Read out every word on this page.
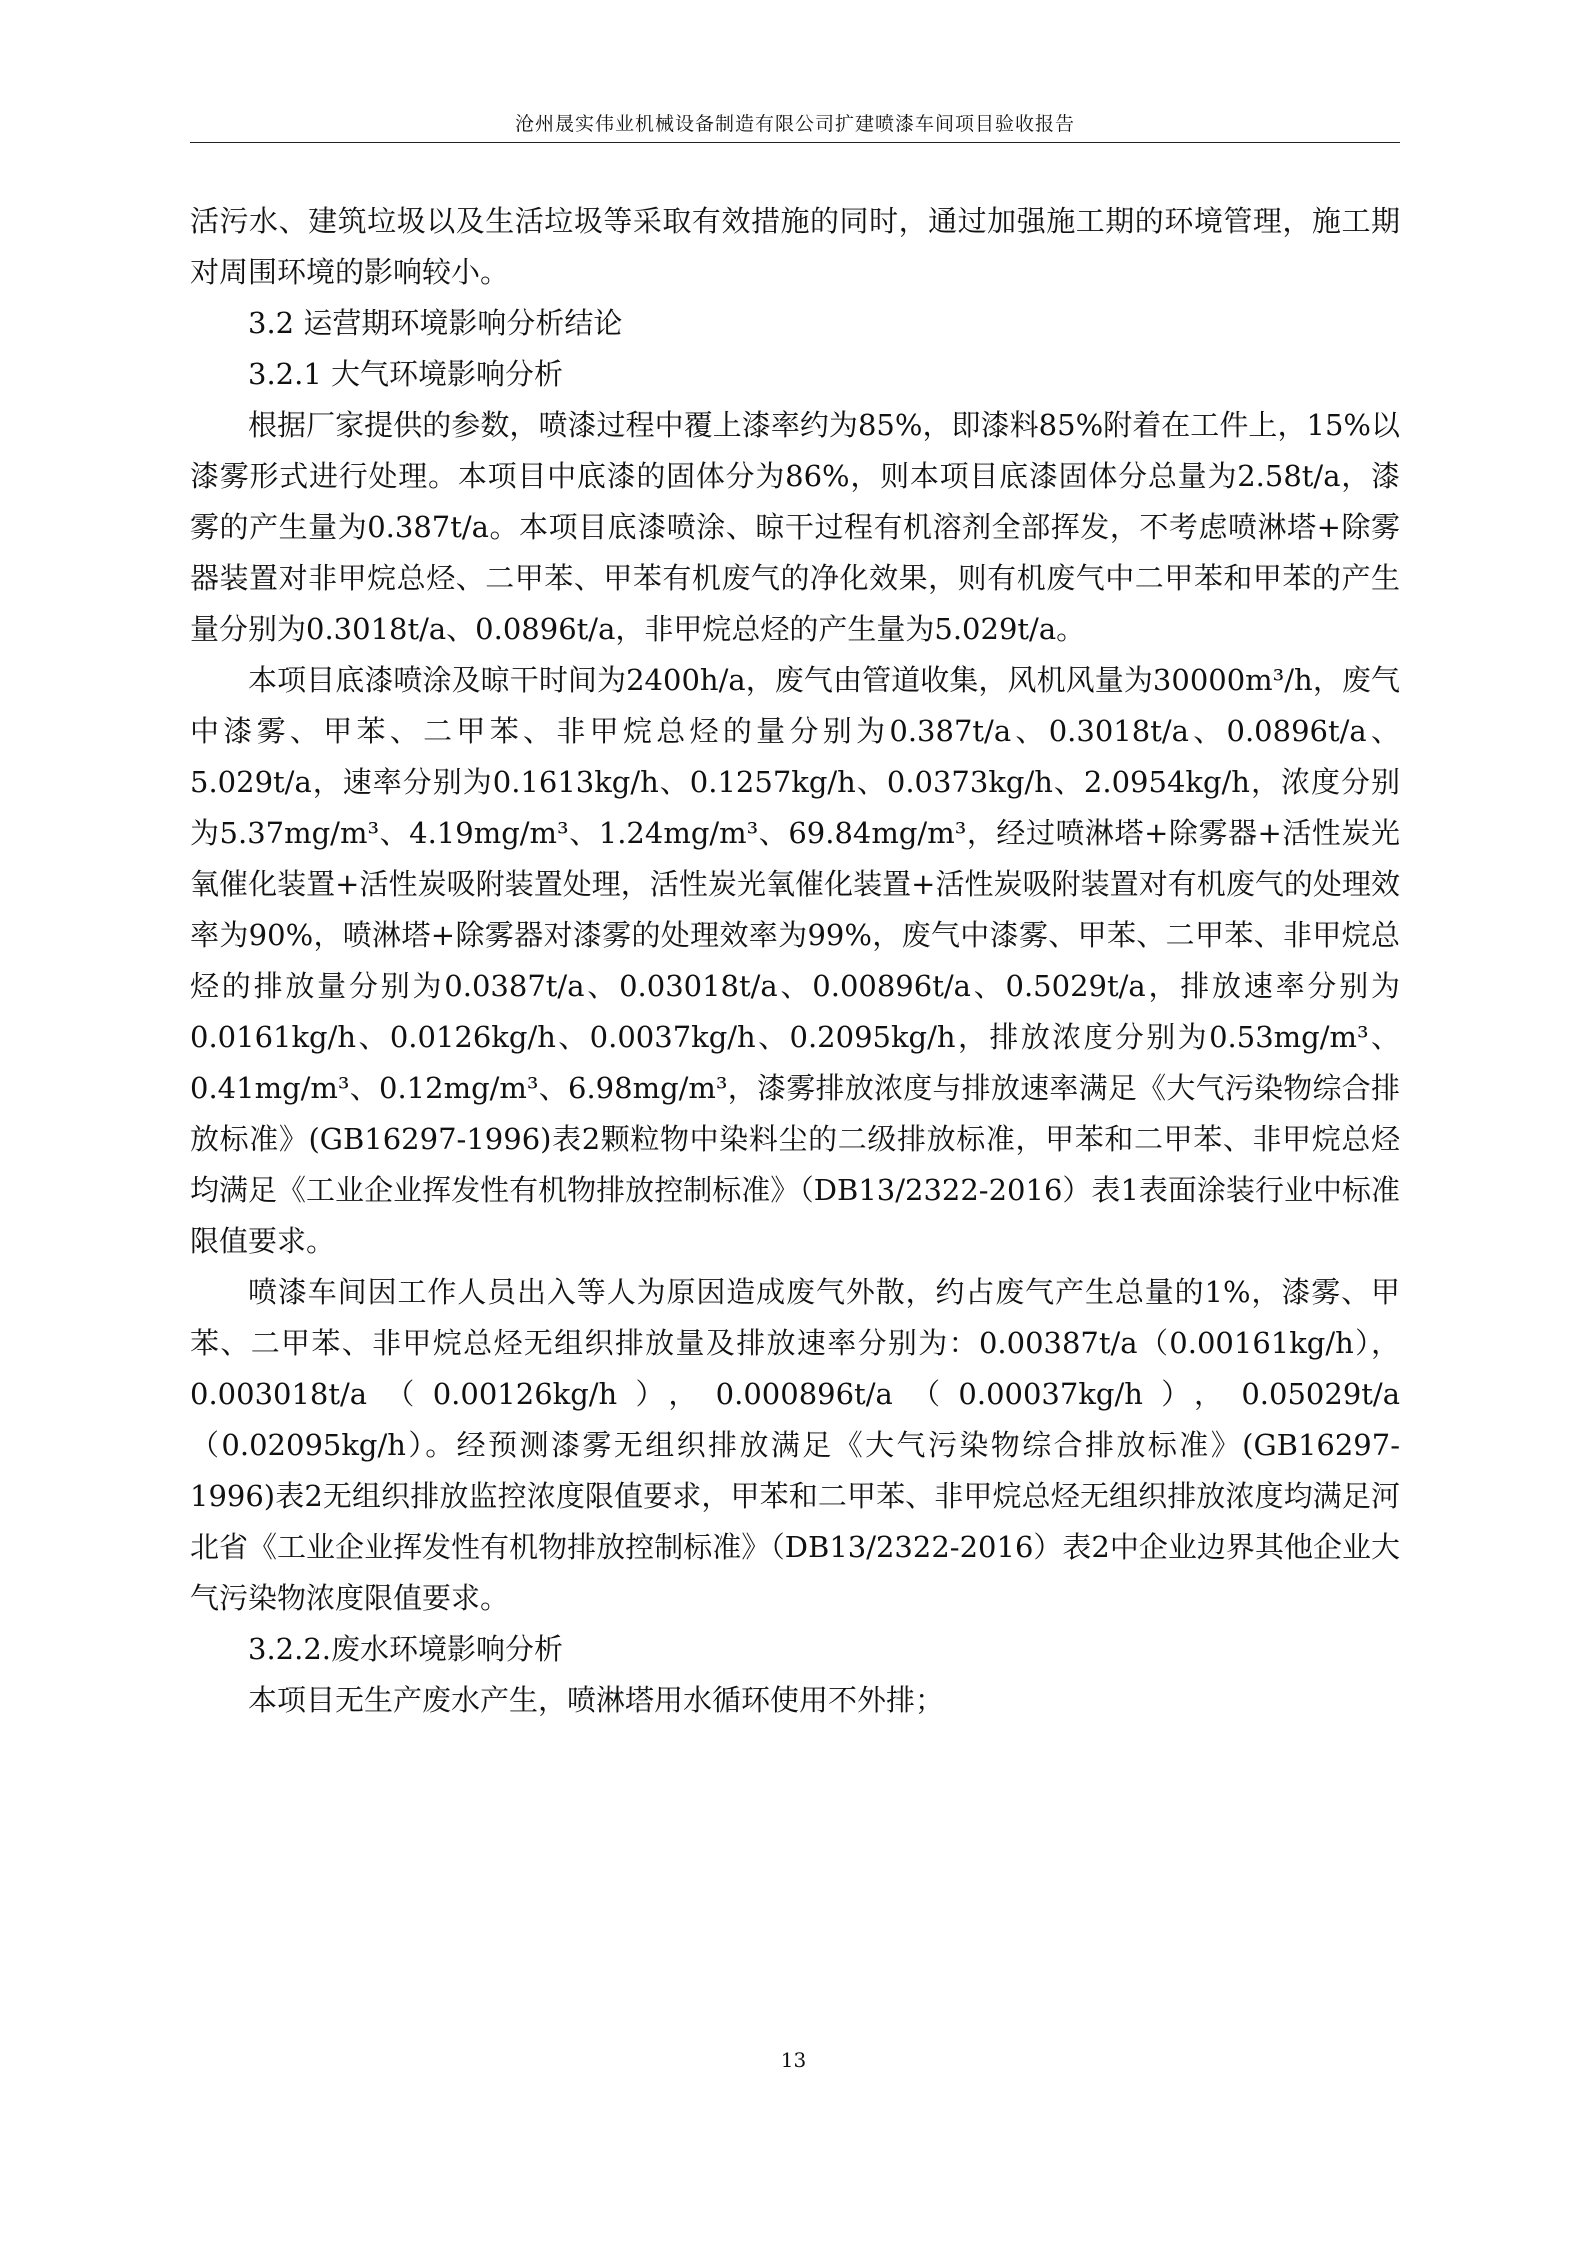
沧州晟实伟业机械设备制造有限公司扩建喷漆车间项目验收报告

活污水、建筑垃圾以及生活垃圾等采取有效措施的同时，通过加强施工期的环境管理，施工期对周围环境的影响较小。

3.2 运营期环境影响分析结论

3.2.1 大气环境影响分析

根据厂家提供的参数，喷漆过程中覆上漆率约为85%，即漆料85%附着在工件上，15%以漆雾形式进行处理。本项目中底漆的固体分为86%，则本项目底漆固体分总量为2.58t/a，漆雾的产生量为0.387t/a。本项目底漆喷涂、晾干过程有机溶剂全部挥发，不考虑喷淋塔+除雾器装置对非甲烷总烃、二甲苯、甲苯有机废气的净化效果，则有机废气中二甲苯和甲苯的产生量分别为0.3018t/a、0.0896t/a，非甲烷总烃的产生量为5.029t/a。

本项目底漆喷涂及晾干时间为2400h/a，废气由管道收集，风机风量为30000m³/h，废气中漆雾、甲苯、二甲苯、非甲烷总烃的量分别为0.387t/a、0.3018t/a、0.0896t/a、5.029t/a，速率分别为0.1613kg/h、0.1257kg/h、0.0373kg/h、2.0954kg/h，浓度分别为5.37mg/m³、4.19mg/m³、1.24mg/m³、69.84mg/m³，经过喷淋塔+除雾器+活性炭光氧催化装置+活性炭吸附装置处理，活性炭光氧催化装置+活性炭吸附装置对有机废气的处理效率为90%，喷淋塔+除雾器对漆雾的处理效率为99%，废气中漆雾、甲苯、二甲苯、非甲烷总烃的排放量分别为0.0387t/a、0.03018t/a、0.00896t/a、0.5029t/a，排放速率分别为0.0161kg/h、0.0126kg/h、0.0037kg/h、0.2095kg/h，排放浓度分别为0.53mg/m³、0.41mg/m³、0.12mg/m³、6.98mg/m³，漆雾排放浓度与排放速率满足《大气污染物综合排放标准》(GB16297-1996)表2颗粒物中染料尘的二级排放标准，甲苯和二甲苯、非甲烷总烃均满足《工业企业挥发性有机物排放控制标准》（DB13/2322-2016）表1表面涂装行业中标准限值要求。

喷漆车间因工作人员出入等人为原因造成废气外散，约占废气产生总量的1%，漆雾、甲苯、二甲苯、非甲烷总烃无组织排放量及排放速率分别为：0.00387t/a（0.00161kg/h），0.003018t/a（0.00126kg/h），0.000896t/a（0.00037kg/h），0.05029t/a（0.02095kg/h）。经预测漆雾无组织排放满足《大气污染物综合排放标准》(GB16297-1996)表2无组织排放监控浓度限值要求，甲苯和二甲苯、非甲烷总烃无组织排放浓度均满足河北省《工业企业挥发性有机物排放控制标准》（DB13/2322-2016）表2中企业边界其他企业大气污染物浓度限值要求。

3.2.2.废水环境影响分析

本项目无生产废水产生，喷淋塔用水循环使用不外排；

13
